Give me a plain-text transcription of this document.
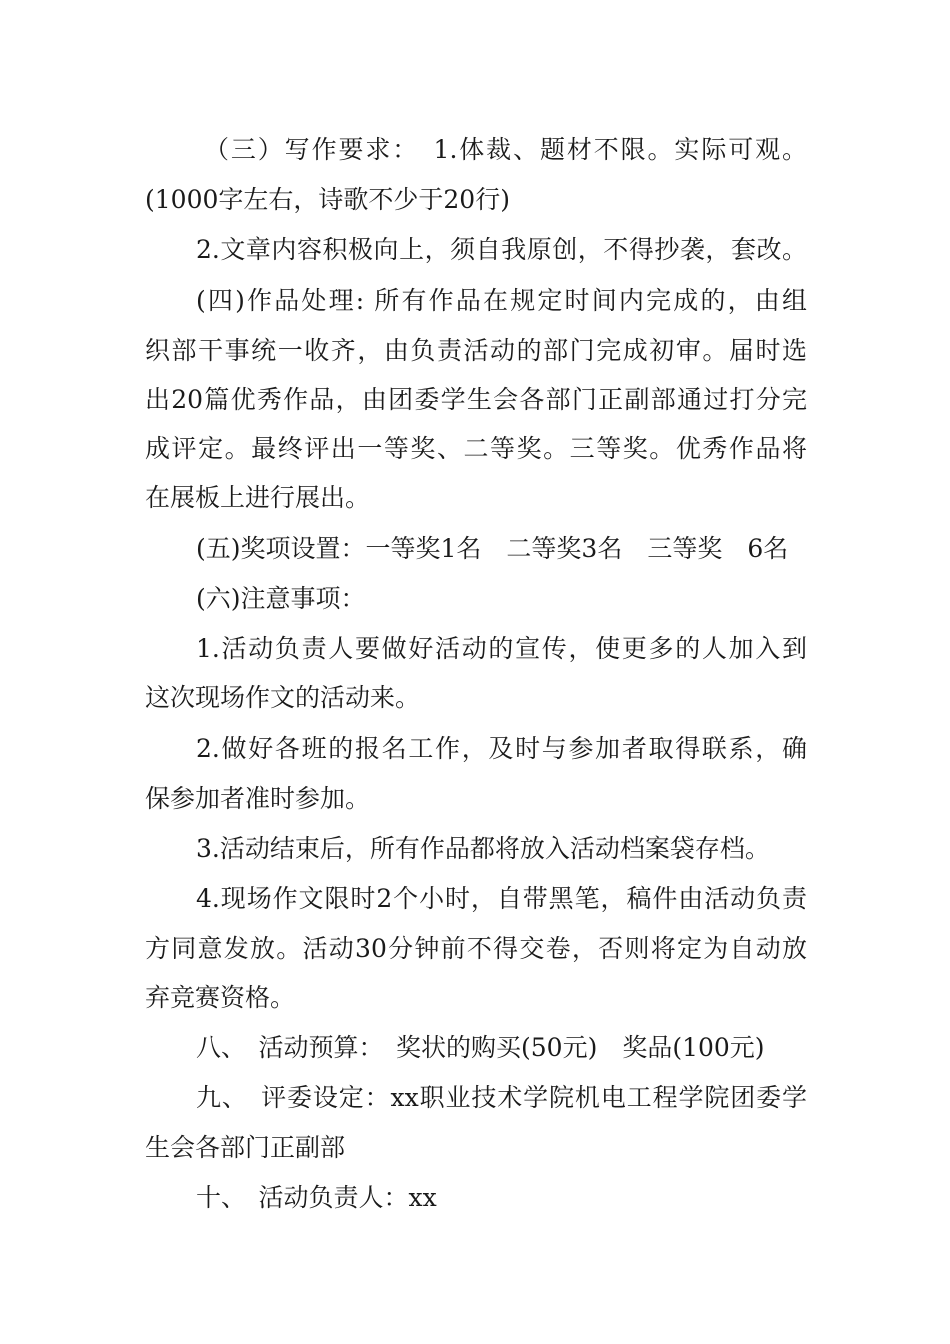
（三）写作要求：　1.体裁、题材不限。实际可观。
(1000字左右，诗歌不少于20行)
2.文章内容积极向上，须自我原创，不得抄袭，套改。
(四)作品处理: 所有作品在规定时间内完成的，由组
织部干事统一收齐，由负责活动的部门完成初审。届时选
出20篇优秀作品，由团委学生会各部门正副部通过打分完
成评定。最终评出一等奖、二等奖。三等奖。优秀作品将
在展板上进行展出。
(五)奖项设置：一等奖1名　二等奖3名　三等奖　6名
(六)注意事项：
1.活动负责人要做好活动的宣传，使更多的人加入到
这次现场作文的活动来。
2.做好各班的报名工作，及时与参加者取得联系，确
保参加者准时参加。
3.活动结束后，所有作品都将放入活动档案袋存档。
4.现场作文限时2个小时，自带黑笔，稿件由活动负责
方同意发放。活动30分钟前不得交卷，否则将定为自动放
弃竞赛资格。
八、　活动预算：　奖状的购买(50元)　奖品(100元)
九、　评委设定：xx职业技术学院机电工程学院团委学
生会各部门正副部
十、　活动负责人：xx
